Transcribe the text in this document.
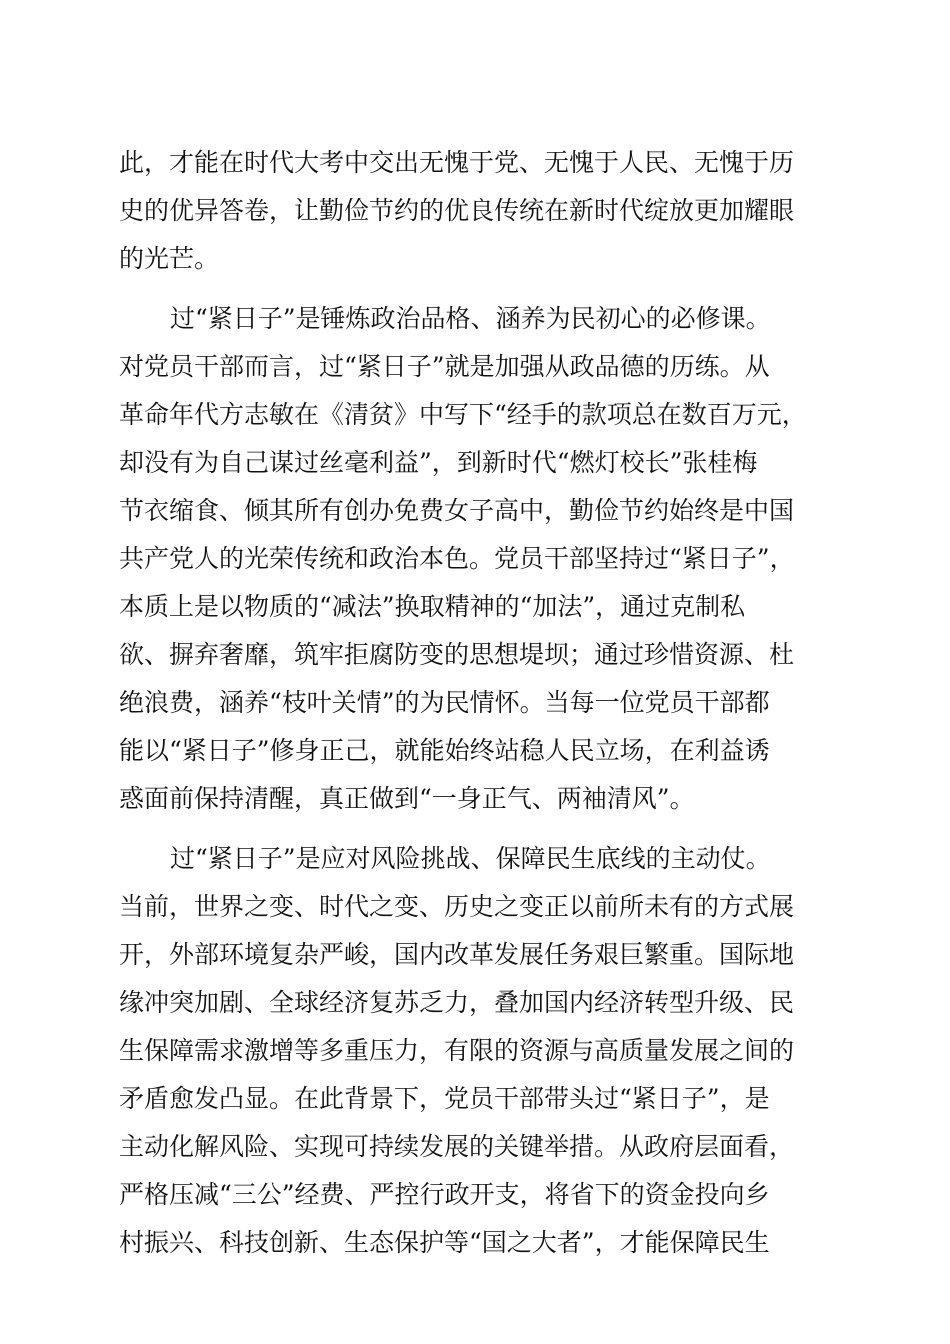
此，才能在时代大考中交出无愧于党、无愧于人民、无愧于历
史的优异答卷，让勤俭节约的优良传统在新时代绽放更加耀眼
的光芒。
过“紧日子”是锤炼政治品格、涵养为民初心的必修课。
对党员干部而言，过“紧日子”就是加强从政品德的历练。从
革命年代方志敏在《清贫》中写下“经手的款项总在数百万元，
却没有为自己谋过丝毫利益”，到新时代“燃灯校长”张桂梅
节衣缩食、倾其所有创办免费女子高中，勤俭节约始终是中国
共产党人的光荣传统和政治本色。党员干部坚持过“紧日子”，
本质上是以物质的“减法”换取精神的“加法”，通过克制私
欲、摒弃奢靡，筑牢拒腐防变的思想堤坝；通过珍惜资源、杜
绝浪费，涵养“枝叶关情”的为民情怀。当每一位党员干部都
能以“紧日子”修身正己，就能始终站稳人民立场，在利益诱
惑面前保持清醒，真正做到“一身正气、两袖清风”。
过“紧日子”是应对风险挑战、保障民生底线的主动仗。
当前，世界之变、时代之变、历史之变正以前所未有的方式展
开，外部环境复杂严峻，国内改革发展任务艰巨繁重。国际地
缘冲突加剧、全球经济复苏乏力，叠加国内经济转型升级、民
生保障需求激增等多重压力，有限的资源与高质量发展之间的
矛盾愈发凸显。在此背景下，党员干部带头过“紧日子”，是
主动化解风险、实现可持续发展的关键举措。从政府层面看，
严格压减“三公”经费、严控行政开支，将省下的资金投向乡
村振兴、科技创新、生态保护等“国之大者”，才能保障民生
